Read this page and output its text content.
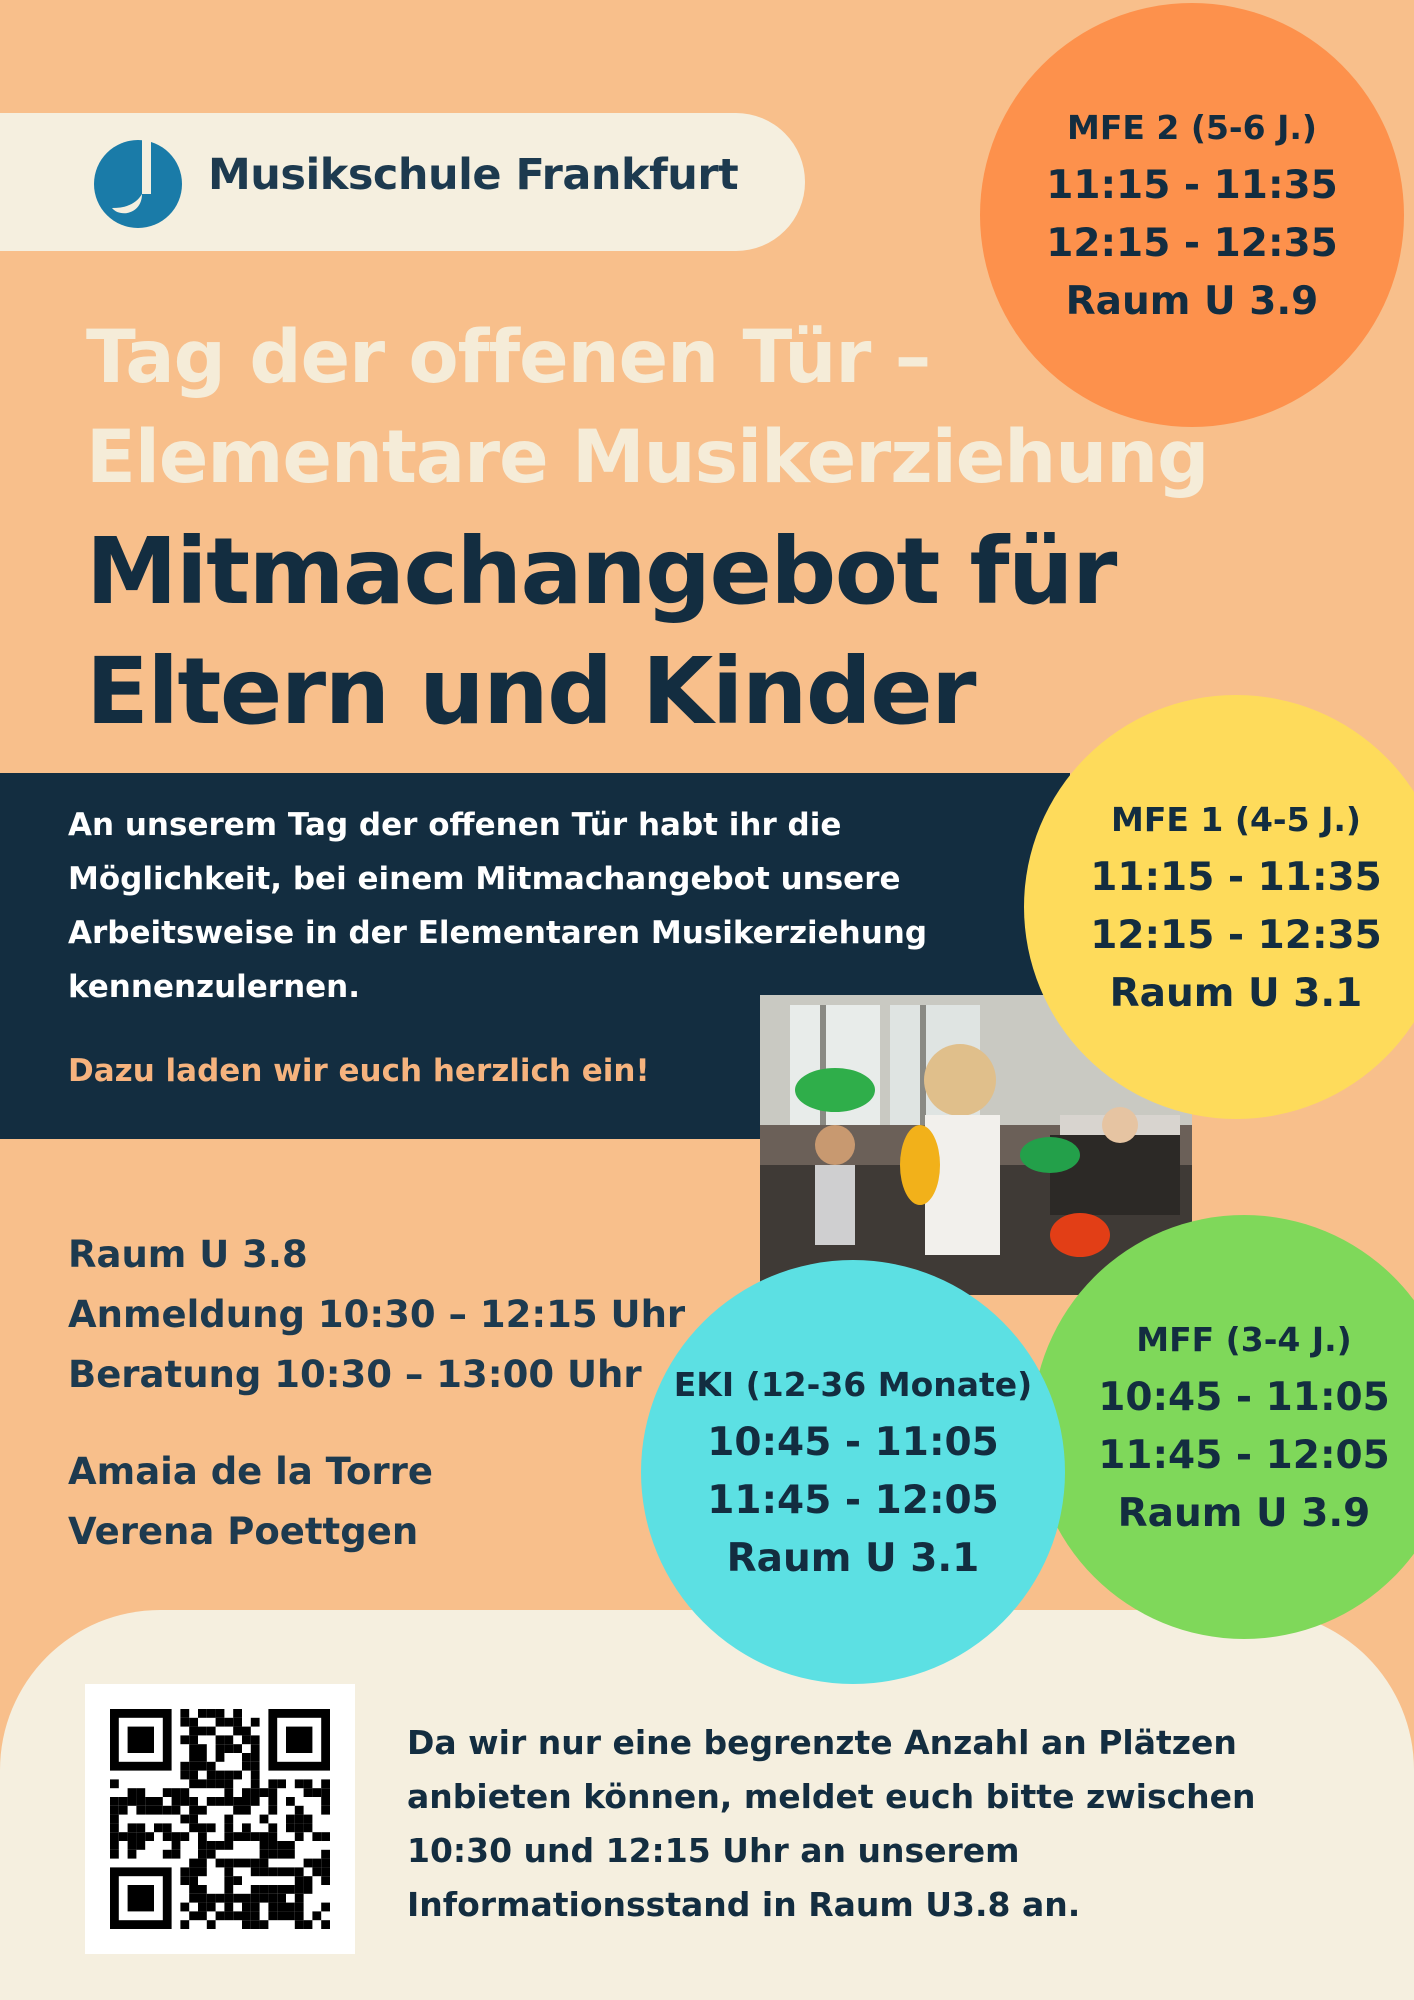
Musikschule Frankfurt
Tag der offenen Tür –
Elementare Musikerziehung
Mitmachangebot für
Eltern und Kinder
An unserem Tag der offenen Tür habt ihr die Möglichkeit, bei einem Mitmachangebot unsere Arbeitsweise in der Elementaren Musikerziehung kennenzulernen.
Dazu laden wir euch herzlich ein!
Raum U 3.8
Anmeldung 10:30 – 12:15 Uhr
Beratung 10:30 – 13:00 Uhr
Amaia de la Torre
Verena Poettgen
MFE 2 (5-6 J.)
11:15 - 11:35
12:15 - 12:35
Raum U 3.9
MFE 1 (4-5 J.)
11:15 - 11:35
12:15 - 12:35
Raum U 3.1
MFF (3-4 J.)
10:45 - 11:05
11:45 - 12:05
Raum U 3.9
EKI (12-36 Monate)
10:45 - 11:05
11:45 - 12:05
Raum U 3.1
Da wir nur eine begrenzte Anzahl an Plätzen anbieten können, meldet euch bitte zwischen 10:30 und 12:15 Uhr an unserem Informationsstand in Raum U3.8 an.
